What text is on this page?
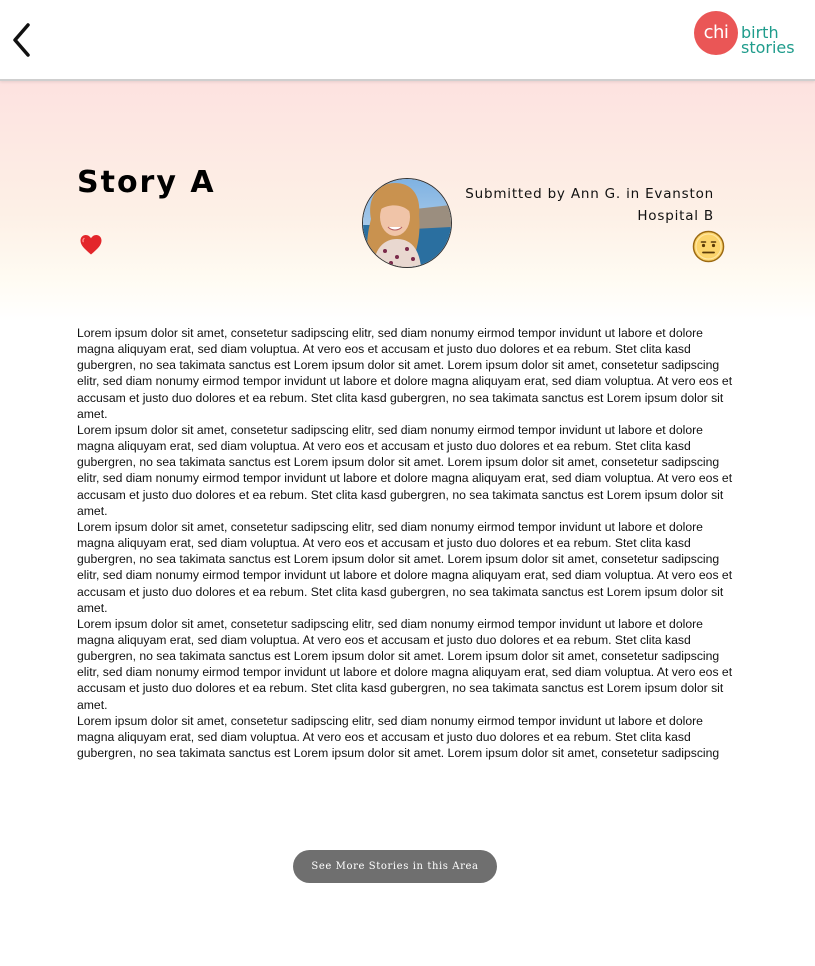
chi birth
stories
Story A	Submitted by Ann G. in Evanston
Hospital B

Lorem ipsum dolor sit amet, consetetur sadipscing elitr, sed diam nonumy eirmod tempor invidunt ut labore et dolore magna aliquyam erat, sed diam voluptua. At vero eos et accusam et justo duo dolores et ea rebum. Stet clita kasd gubergren, no sea takimata sanctus est Lorem ipsum dolor sit amet. Lorem ipsum dolor sit amet, consetetur sadipscing elitr, sed diam nonumy eirmod tempor invidunt ut labore et dolore magna aliquyam erat, sed diam voluptua. At vero eos et accusam et justo duo dolores et ea rebum. Stet clita kasd gubergren, no sea takimata sanctus est Lorem ipsum dolor sit amet.

Lorem ipsum dolor sit amet, consetetur sadipscing elitr, sed diam nonumy eirmod tempor invidunt ut labore et dolore magna aliquyam erat, sed diam voluptua. At vero eos et accusam et justo duo dolores et ea rebum. Stet clita kasd gubergren, no sea takimata sanctus est Lorem ipsum dolor sit amet. Lorem ipsum dolor sit amet, consetetur sadipscing elitr, sed diam nonumy eirmod tempor invidunt ut labore et dolore magna aliquyam erat, sed diam voluptua. At vero eos et accusam et justo duo dolores et ea rebum. Stet clita kasd gubergren, no sea takimata sanctus est Lorem ipsum dolor sit amet.

Lorem ipsum dolor sit amet, consetetur sadipscing elitr, sed diam nonumy eirmod tempor invidunt ut labore et dolore magna aliquyam erat, sed diam voluptua. At vero eos et accusam et justo duo dolores et ea rebum. Stet clita kasd gubergren, no sea takimata sanctus est Lorem ipsum dolor sit amet. Lorem ipsum dolor sit amet, consetetur sadipscing elitr, sed diam nonumy eirmod tempor invidunt ut labore et dolore magna aliquyam erat, sed diam voluptua. At vero eos et accusam et justo duo dolores et ea rebum. Stet clita kasd gubergren, no sea takimata sanctus est Lorem ipsum dolor sit amet.

Lorem ipsum dolor sit amet, consetetur sadipscing elitr, sed diam nonumy eirmod tempor invidunt ut labore et dolore magna aliquyam erat, sed diam voluptua. At vero eos et accusam et justo duo dolores et ea rebum. Stet clita kasd gubergren, no sea takimata sanctus est Lorem ipsum dolor sit amet. Lorem ipsum dolor sit amet, consetetur sadipscing elitr, sed diam nonumy eirmod tempor invidunt ut labore et dolore magna aliquyam erat, sed diam voluptua. At vero eos et accusam et justo duo dolores et ea rebum. Stet clita kasd gubergren, no sea takimata sanctus est Lorem ipsum dolor sit amet.

Lorem ipsum dolor sit amet, consetetur sadipscing elitr, sed diam nonumy eirmod tempor invidunt ut labore et dolore magna aliquyam erat, sed diam voluptua. At vero eos et accusam et justo duo dolores et ea rebum. Stet clita kasd gubergren, no sea takimata sanctus est Lorem ipsum dolor sit amet. Lorem ipsum dolor sit amet, consetetur sadipscing

See More Stories in this Area
